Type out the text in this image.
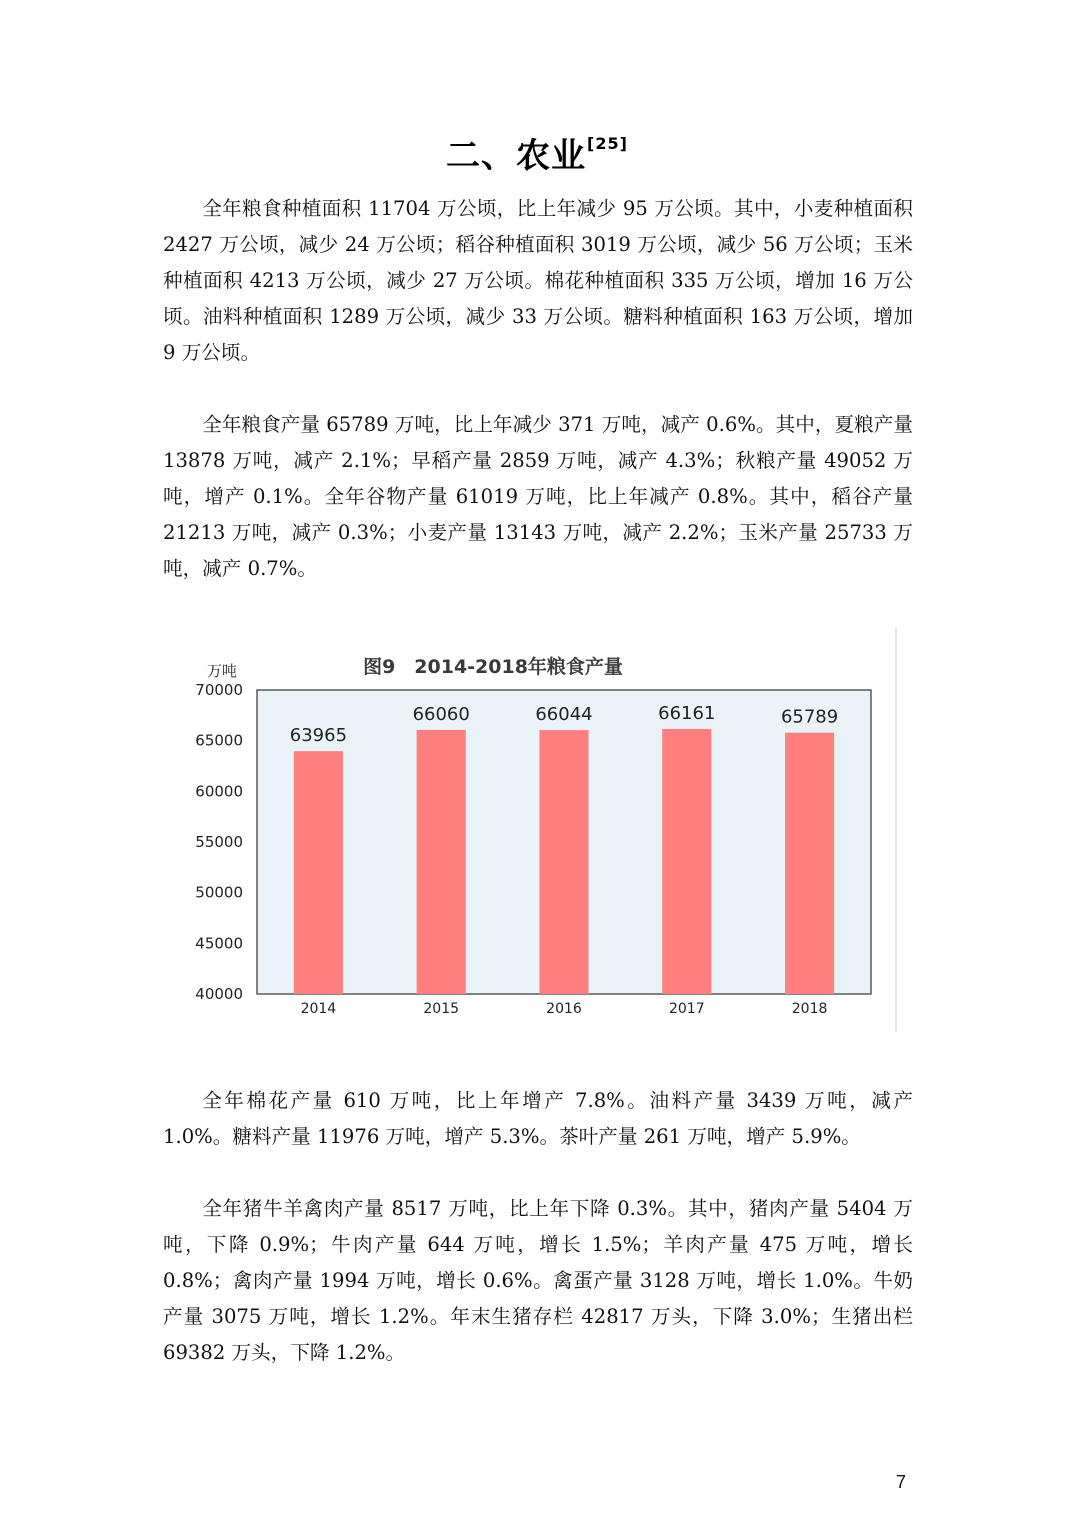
二、农业[25]

全年粮食种植面积 11704 万公顷，比上年减少 95 万公顷。其中，小麦种植面积 2427 万公顷，减少 24 万公顷；稻谷种植面积 3019 万公顷，减少 56 万公顷；玉米种植面积 4213 万公顷，减少 27 万公顷。棉花种植面积 335 万公顷，增加 16 万公顷。油料种植面积 1289 万公顷，减少 33 万公顷。糖料种植面积 163 万公顷，增加 9 万公顷。

全年粮食产量 65789 万吨，比上年减少 371 万吨，减产 0.6%。其中，夏粮产量 13878 万吨，减产 2.1%；早稻产量 2859 万吨，减产 4.3%；秋粮产量 49052 万吨，增产 0.1%。全年谷物产量 61019 万吨，比上年减产 0.8%。其中，稻谷产量 21213 万吨，减产 0.3%；小麦产量 13143 万吨，减产 2.2%；玉米产量 25733 万吨，减产 0.7%。

图9　2014-2018年粮食产量
万吨
40000
45000
50000
55000
60000
65000
70000
63965
66060	66044	66161	65789
2014	2015	2016	2017	2018

全年棉花产量 610 万吨，比上年增产 7.8%。油料产量 3439 万吨，减产 1.0%。糖料产量 11976 万吨，增产 5.3%。茶叶产量 261 万吨，增产 5.9%。

全年猪牛羊禽肉产量 8517 万吨，比上年下降 0.3%。其中，猪肉产量 5404 万吨，下降 0.9%；牛肉产量 644 万吨，增长 1.5%；羊肉产量 475 万吨，增长 0.8%；禽肉产量 1994 万吨，增长 0.6%。禽蛋产量 3128 万吨，增长 1.0%。牛奶产量 3075 万吨，增长 1.2%。年末生猪存栏 42817 万头，下降 3.0%；生猪出栏 69382 万头，下降 1.2%。

7
